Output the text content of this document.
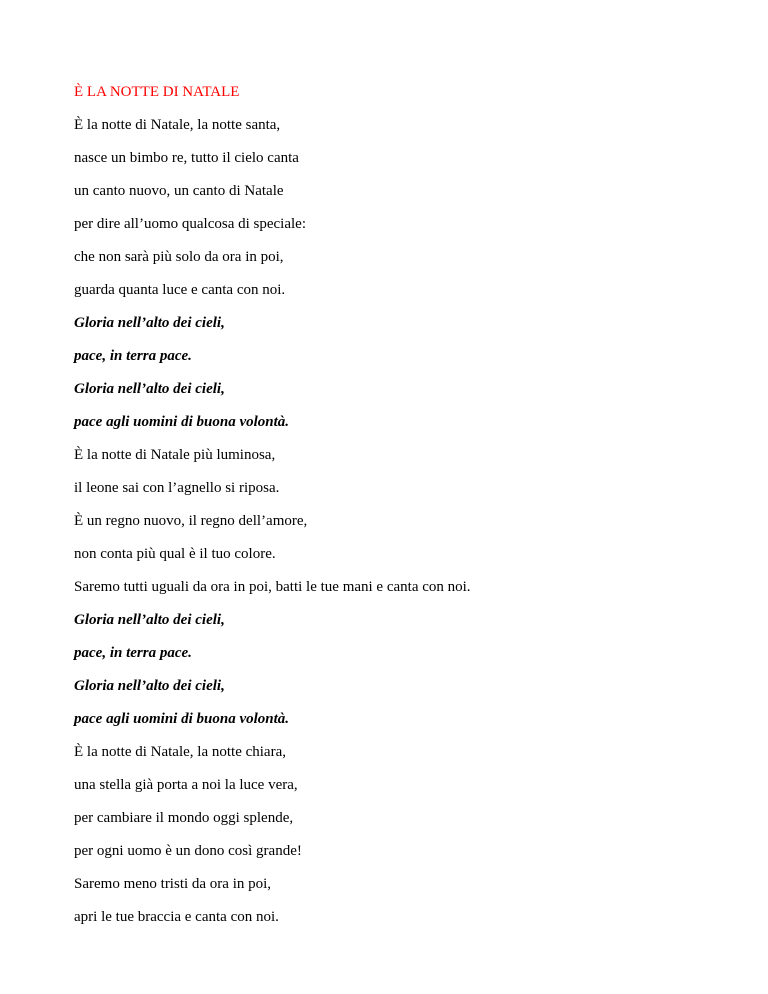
È LA NOTTE DI NATALE

È la notte di Natale, la notte santa,

nasce un bimbo re, tutto il cielo canta

un canto nuovo, un canto di Natale

per dire all’uomo qualcosa di speciale:

che non sarà più solo da ora in poi,

guarda quanta luce e canta con noi.

Gloria nell’alto dei cieli,

pace, in terra pace.

Gloria nell’alto dei cieli,

pace agli uomini di buona volontà.

È la notte di Natale più luminosa,

il leone sai con l’agnello si riposa.

È un regno nuovo, il regno dell’amore,

non conta più qual è il tuo colore.

Saremo tutti uguali da ora in poi, batti le tue mani e canta con noi.

Gloria nell’alto dei cieli,

pace, in terra pace.

Gloria nell’alto dei cieli,

pace agli uomini di buona volontà.

È la notte di Natale, la notte chiara,

una stella già porta a noi la luce vera,

per cambiare il mondo oggi splende,

per ogni uomo è un dono così grande!

Saremo meno tristi da ora in poi,

apri le tue braccia e canta con noi.
